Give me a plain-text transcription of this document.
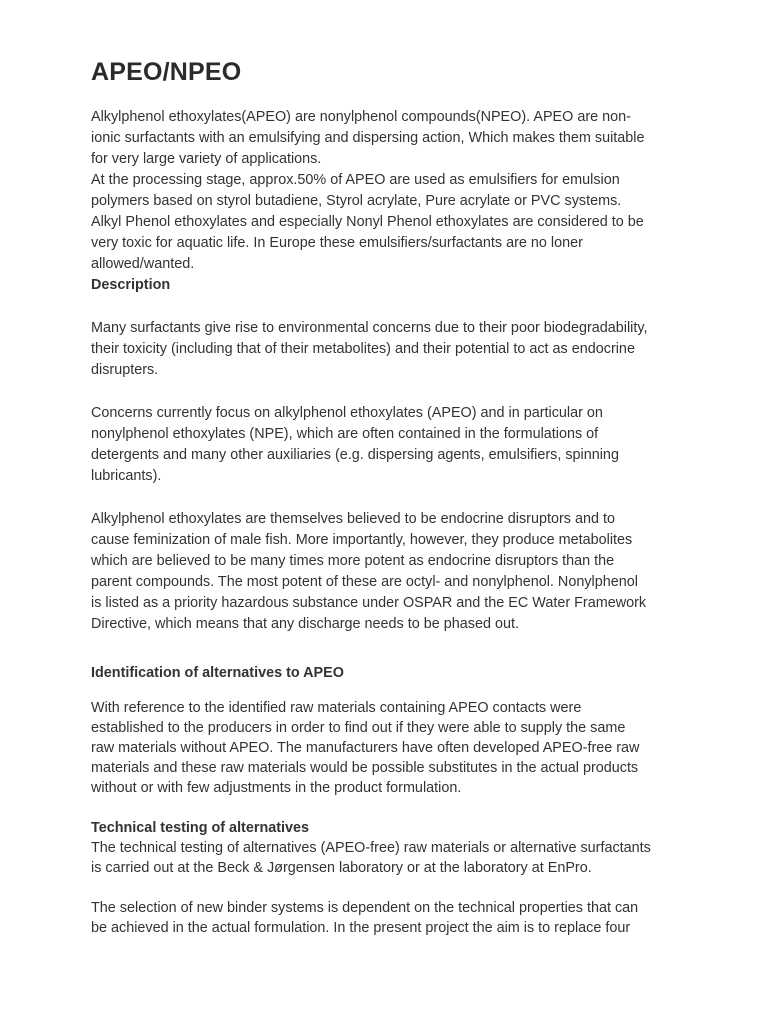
APEO/NPEO

Alkylphenol ethoxylates(APEO) are nonylphenol compounds(NPEO). APEO are non-
ionic surfactants with an emulsifying and dispersing action, Which makes them suitable
for very large variety of applications.
At the processing stage, approx.50% of APEO are used as emulsifiers for emulsion
polymers based on styrol butadiene, Styrol acrylate, Pure acrylate or PVC systems.
Alkyl Phenol ethoxylates and especially Nonyl Phenol ethoxylates are considered to be
very toxic for aquatic life. In Europe these emulsifiers/surfactants are no loner
allowed/wanted.
Description

Many surfactants give rise to environmental concerns due to their poor biodegradability,
their toxicity (including that of their metabolites) and their potential to act as endocrine
disrupters.

Concerns currently focus on alkylphenol ethoxylates (APEO) and in particular on
nonylphenol ethoxylates (NPE), which are often contained in the formulations of
detergents and many other auxiliaries (e.g. dispersing agents, emulsifiers, spinning
lubricants).

Alkylphenol ethoxylates are themselves believed to be endocrine disruptors and to
cause feminization of male fish. More importantly, however, they produce metabolites
which are believed to be many times more potent as endocrine disruptors than the
parent compounds. The most potent of these are octyl- and nonylphenol. Nonylphenol
is listed as a priority hazardous substance under OSPAR and the EC Water Framework
Directive, which means that any discharge needs to be phased out.

Identification of alternatives to APEO

With reference to the identified raw materials containing APEO contacts were
established to the producers in order to find out if they were able to supply the same
raw materials without APEO. The manufacturers have often developed APEO-free raw
materials and these raw materials would be possible substitutes in the actual products
without or with few adjustments in the product formulation.

Technical testing of alternatives
The technical testing of alternatives (APEO-free) raw materials or alternative surfactants
is carried out at the Beck & Jørgensen laboratory or at the laboratory at EnPro.

The selection of new binder systems is dependent on the technical properties that can
be achieved in the actual formulation. In the present project the aim is to replace four
